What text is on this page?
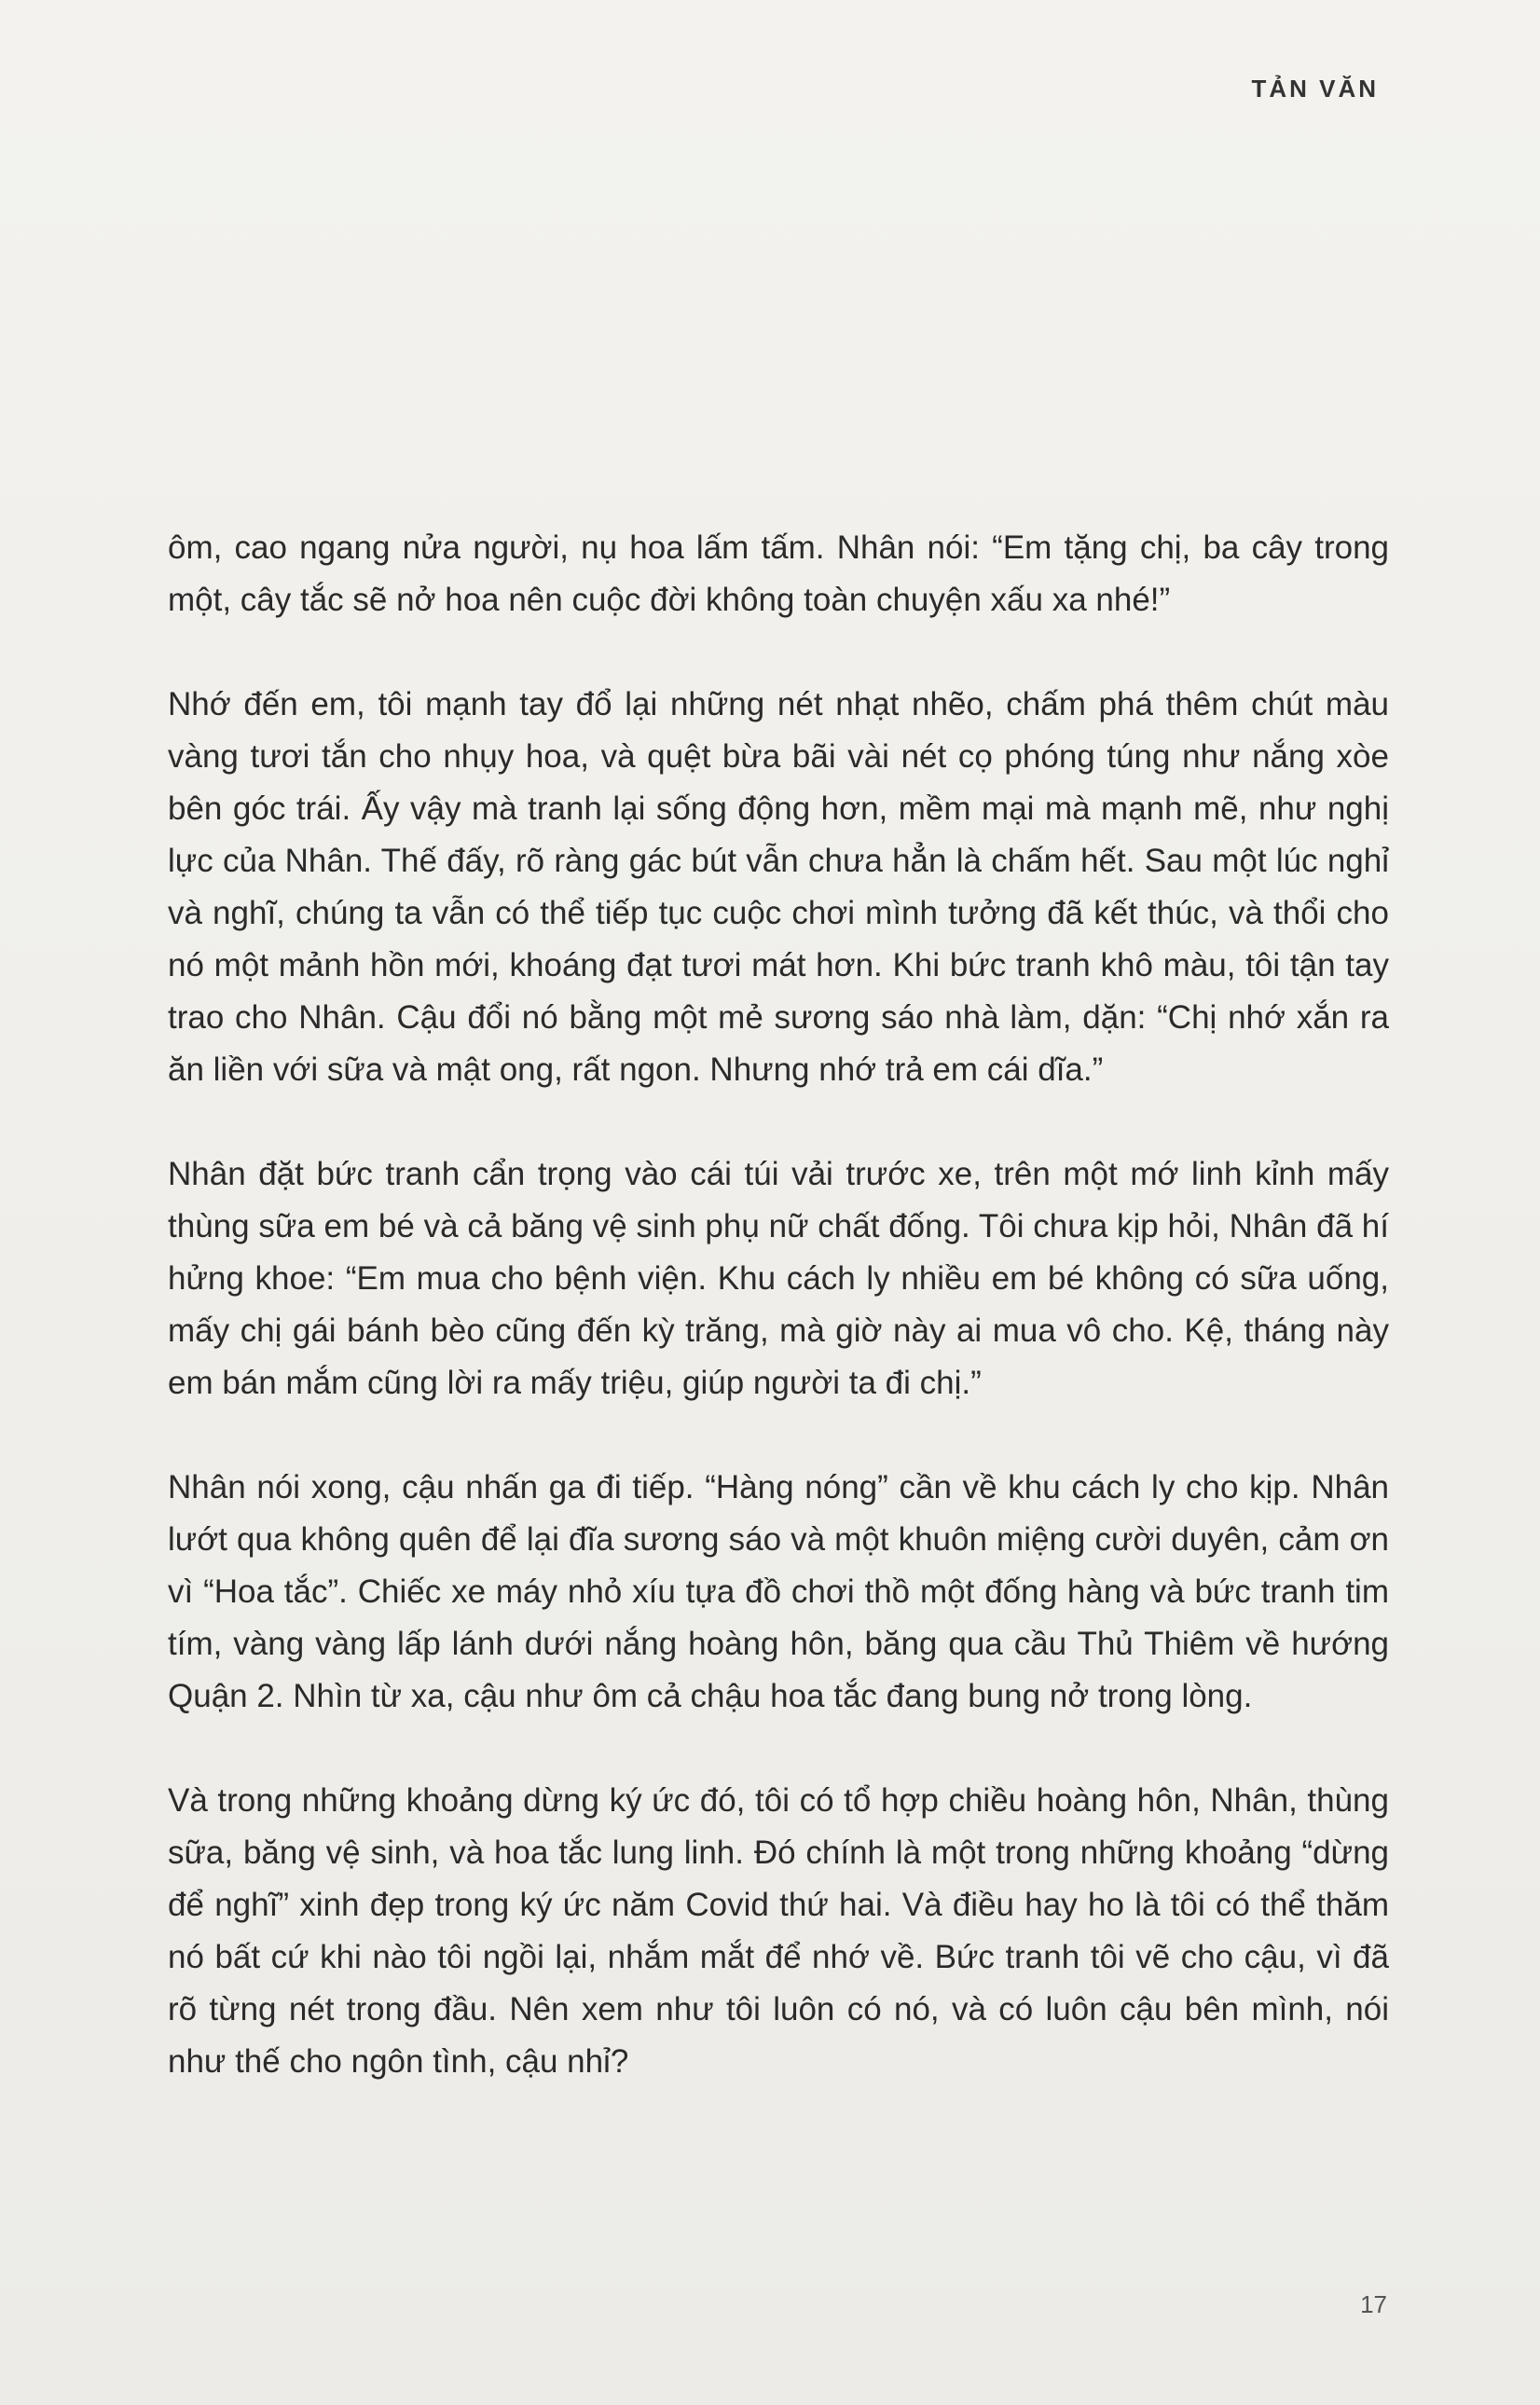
TẢN VĂN

ôm, cao ngang nửa người, nụ hoa lấm tấm. Nhân nói: “Em tặng chị, ba cây trong một, cây tắc sẽ nở hoa nên cuộc đời không toàn chuyện xấu xa nhé!”

Nhớ đến em, tôi mạnh tay đổ lại những nét nhạt nhẽo, chấm phá thêm chút màu vàng tươi tắn cho nhụy hoa, và quệt bừa bãi vài nét cọ phóng túng như nắng xòe bên góc trái. Ấy vậy mà tranh lại sống động hơn, mềm mại mà mạnh mẽ, như nghị lực của Nhân. Thế đấy, rõ ràng gác bút vẫn chưa hẳn là chấm hết. Sau một lúc nghỉ và nghĩ, chúng ta vẫn có thể tiếp tục cuộc chơi mình tưởng đã kết thúc, và thổi cho nó một mảnh hồn mới, khoáng đạt tươi mát hơn. Khi bức tranh khô màu, tôi tận tay trao cho Nhân. Cậu đổi nó bằng một mẻ sương sáo nhà làm, dặn: “Chị nhớ xắn ra ăn liền với sữa và mật ong, rất ngon. Nhưng nhớ trả em cái dĩa.”

Nhân đặt bức tranh cẩn trọng vào cái túi vải trước xe, trên một mớ linh kỉnh mấy thùng sữa em bé và cả băng vệ sinh phụ nữ chất đống. Tôi chưa kịp hỏi, Nhân đã hí hửng khoe: “Em mua cho bệnh viện. Khu cách ly nhiều em bé không có sữa uống, mấy chị gái bánh bèo cũng đến kỳ trăng, mà giờ này ai mua vô cho. Kệ, tháng này em bán mắm cũng lời ra mấy triệu, giúp người ta đi chị.”

Nhân nói xong, cậu nhấn ga đi tiếp. “Hàng nóng” cần về khu cách ly cho kịp. Nhân lướt qua không quên để lại đĩa sương sáo và một khuôn miệng cười duyên, cảm ơn vì “Hoa tắc”. Chiếc xe máy nhỏ xíu tựa đồ chơi thồ một đống hàng và bức tranh tim tím, vàng vàng lấp lánh dưới nắng hoàng hôn, băng qua cầu Thủ Thiêm về hướng Quận 2. Nhìn từ xa, cậu như ôm cả chậu hoa tắc đang bung nở trong lòng.

Và trong những khoảng dừng ký ức đó, tôi có tổ hợp chiều hoàng hôn, Nhân, thùng sữa, băng vệ sinh, và hoa tắc lung linh. Đó chính là một trong những khoảng “dừng để nghĩ” xinh đẹp trong ký ức năm Covid thứ hai. Và điều hay ho là tôi có thể thăm nó bất cứ khi nào tôi ngồi lại, nhắm mắt để nhớ về. Bức tranh tôi vẽ cho cậu, vì đã rõ từng nét trong đầu. Nên xem như tôi luôn có nó, và có luôn cậu bên mình, nói như thế cho ngôn tình, cậu nhỉ?

17
